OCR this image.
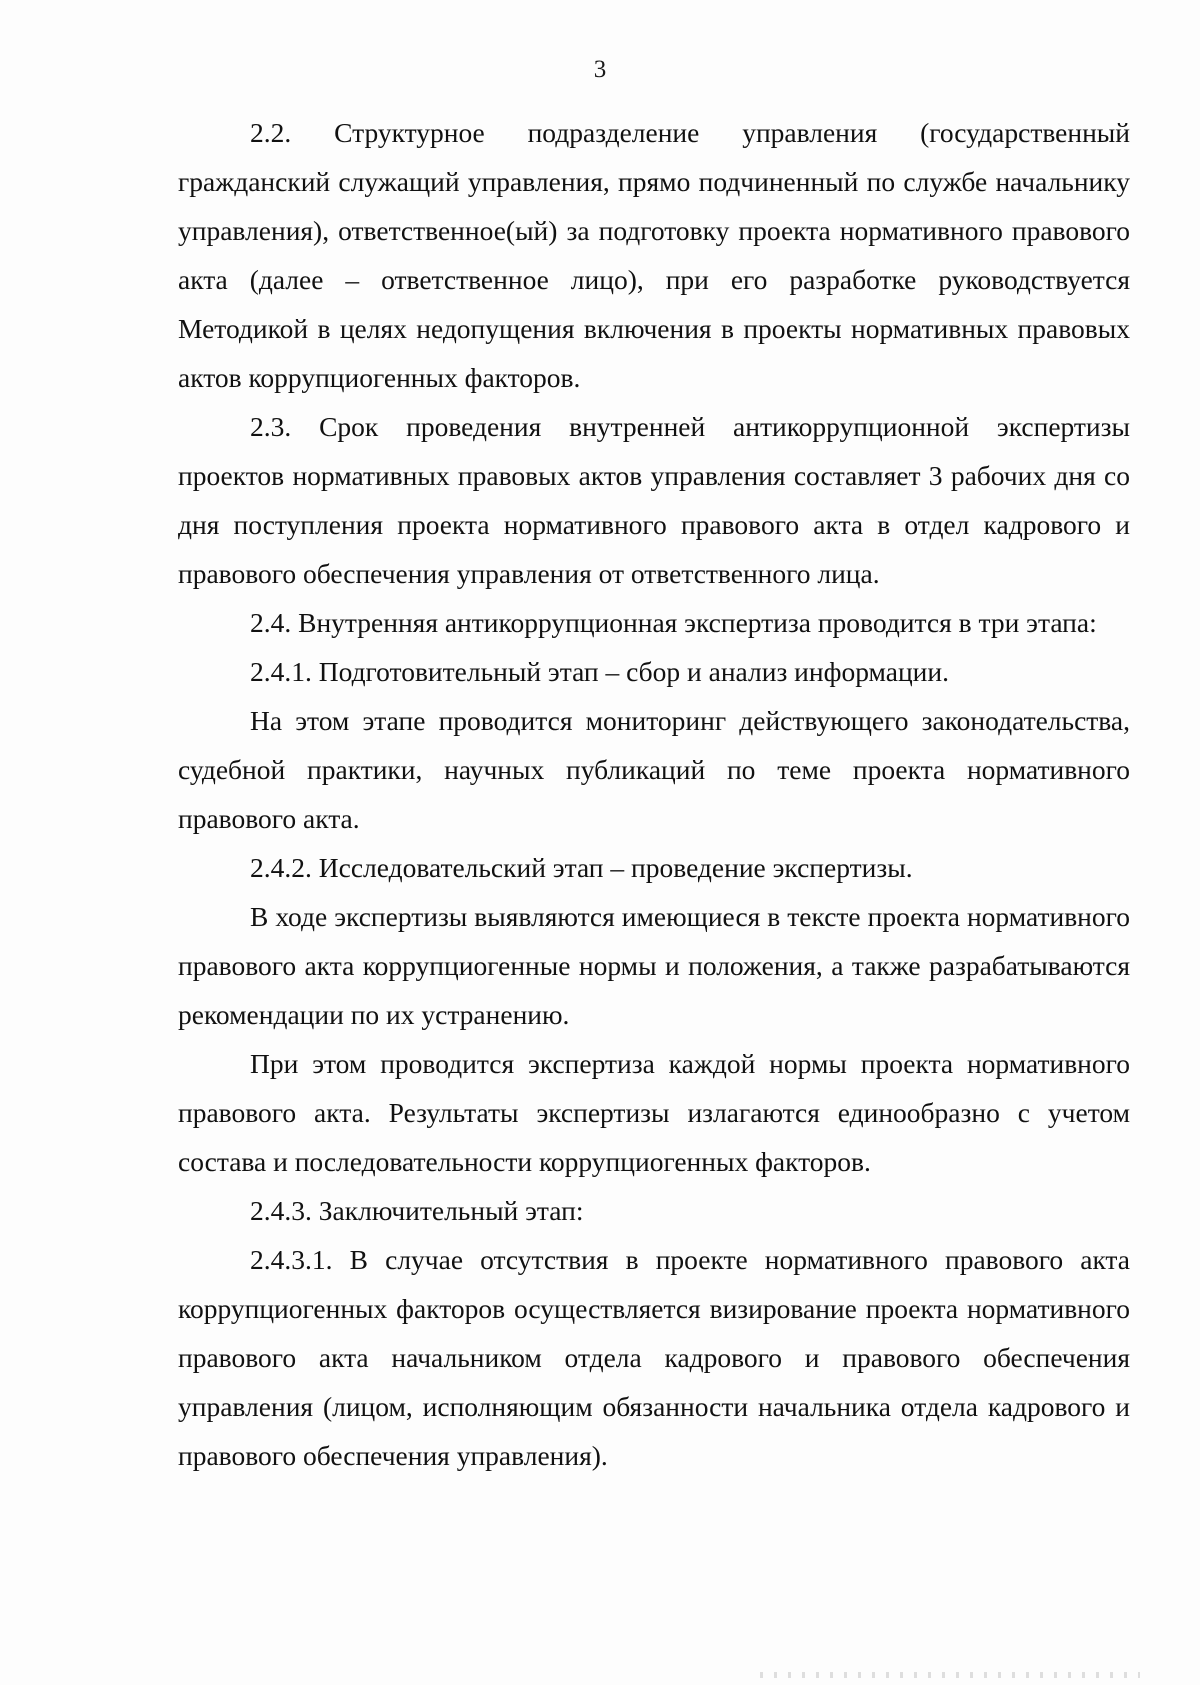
3

2.2. Структурное подразделение управления (государственный гражданский служащий управления, прямо подчиненный по службе начальнику управления), ответственное(ый) за подготовку проекта нормативного правового акта (далее – ответственное лицо), при его разработке руководствуется Методикой в целях недопущения включения в проекты нормативных правовых актов коррупциогенных факторов.

2.3. Срок проведения внутренней антикоррупционной экспертизы проектов нормативных правовых актов управления составляет 3 рабочих дня со дня поступления проекта нормативного правового акта в отдел кадрового и правового обеспечения управления от ответственного лица.

2.4. Внутренняя антикоррупционная экспертиза проводится в три этапа:

2.4.1. Подготовительный этап – сбор и анализ информации.

На этом этапе проводится мониторинг действующего законодательства, судебной практики, научных публикаций по теме проекта нормативного правового акта.

2.4.2. Исследовательский этап – проведение экспертизы.

В ходе экспертизы выявляются имеющиеся в тексте проекта нормативного правового акта коррупциогенные нормы и положения, а также разрабатываются рекомендации по их устранению.

При этом проводится экспертиза каждой нормы проекта нормативного правового акта. Результаты экспертизы излагаются единообразно с учетом состава и последовательности коррупциогенных факторов.

2.4.3. Заключительный этап:

2.4.3.1. В случае отсутствия в проекте нормативного правового акта коррупциогенных факторов осуществляется визирование проекта нормативного правового акта начальником отдела кадрового и правового обеспечения управления (лицом, исполняющим обязанности начальника отдела кадрового и правового обеспечения управления).
